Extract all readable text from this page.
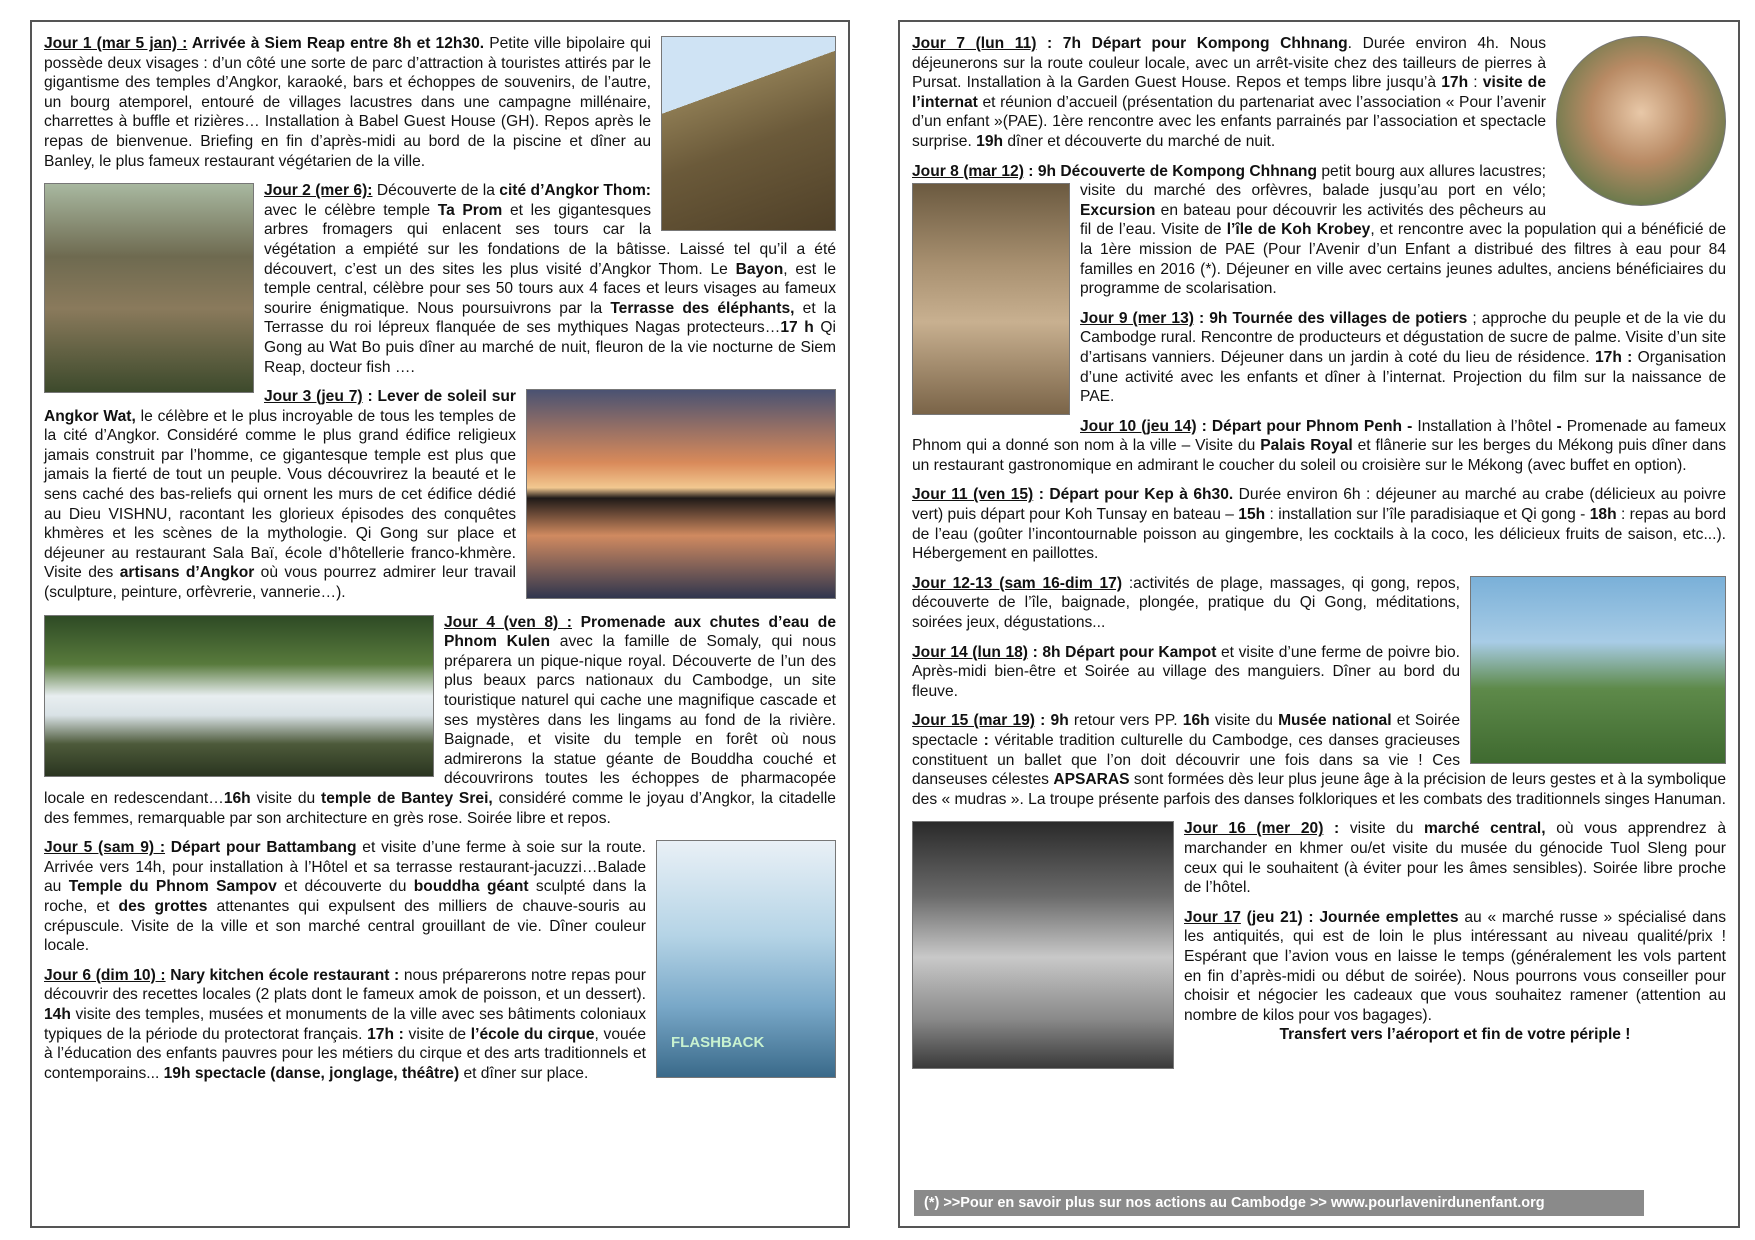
Jour 1 (mar 5 jan) : Arrivée à Siem Reap entre 8h et 12h30. Petite ville bipolaire qui possède deux visages : d’un côté une sorte de parc d’attraction à touristes attirés par le gigantisme des temples d’Angkor, karaoké, bars et échoppes de souvenirs, de l’autre, un bourg atemporel, entouré de villages lacustres dans une campagne millénaire, charrettes à buffle et rizières… Installation à Babel Guest House (GH). Repos après le repas de bienvenue. Briefing en fin d’après-midi au bord de la piscine et dîner au Banley, le plus fameux restaurant végétarien de la ville.
Jour 2 (mer 6): Découverte de la cité d’Angkor Thom: avec le célèbre temple Ta Prom et les gigantesques arbres fromagers qui enlacent ses tours car la végétation a empiété sur les fondations de la bâtisse. Laissé tel qu’il a été découvert, c’est un des sites les plus visité d’Angkor Thom. Le Bayon, est le temple central, célèbre pour ses 50 tours aux 4 faces et leurs visages au fameux sourire énigmatique. Nous poursuivrons par la Terrasse des éléphants, et la Terrasse du roi lépreux flanquée de ses mythiques Nagas protecteurs…17 h Qi Gong au Wat Bo puis dîner au marché de nuit, fleuron de la vie nocturne de Siem Reap, docteur fish ….
Jour 3 (jeu 7) : Lever de soleil sur Angkor Wat, le célèbre et le plus incroyable de tous les temples de la cité d’Angkor. Considéré comme le plus grand édifice religieux jamais construit par l’homme, ce gigantesque temple est plus que jamais la fierté de tout un peuple. Vous découvrirez la beauté et le sens caché des bas-reliefs qui ornent les murs de cet édifice dédié au Dieu VISHNU, racontant les glorieux épisodes des conquêtes khmères et les scènes de la mythologie. Qi Gong sur place et déjeuner au restaurant Sala Baï, école d’hôtellerie franco-khmère. Visite des artisans d’Angkor où vous pourrez admirer leur travail (sculpture, peinture, orfèvrerie, vannerie…).
Jour 4 (ven 8) : Promenade aux chutes d’eau de Phnom Kulen avec la famille de Somaly, qui nous préparera un pique-nique royal. Découverte de l’un des plus beaux parcs nationaux du Cambodge, un site touristique naturel qui cache une magnifique cascade et ses mystères dans les lingams au fond de la rivière. Baignade, et visite du temple en forêt où nous admirerons la statue géante de Bouddha couché et découvrirons toutes les échoppes de pharmacopée locale en redescendant…16h visite du temple de Bantey Srei, considéré comme le joyau d’Angkor, la citadelle des femmes, remarquable par son architecture en grès rose. Soirée libre et repos.
FLASHBACK
Jour 5 (sam 9) : Départ pour Battambang et visite d’une ferme à soie sur la route. Arrivée vers 14h, pour installation à l’Hôtel et sa terrasse restaurant-jacuzzi…Balade au Temple du Phnom Sampov et découverte du bouddha géant sculpté dans la roche, et des grottes attenantes qui expulsent des milliers de chauve-souris au crépuscule. Visite de la ville et son marché central grouillant de vie. Dîner couleur locale.
Jour 6 (dim 10) : Nary kitchen école restaurant : nous préparerons notre repas pour découvrir des recettes locales (2 plats dont le fameux amok de poisson, et un dessert). 14h visite des temples, musées et monuments de la ville avec ses bâtiments coloniaux typiques de la période du protectorat français. 17h : visite de l’école du cirque, vouée à l’éducation des enfants pauvres pour les métiers du cirque et des arts traditionnels et contemporains... 19h spectacle (danse, jonglage, théâtre) et dîner sur place.
Jour 7 (lun 11) : 7h Départ pour Kompong Chhnang. Durée environ 4h. Nous déjeunerons sur la route couleur locale, avec un arrêt-visite chez des tailleurs de pierres à Pursat. Installation à la Garden Guest House. Repos et temps libre jusqu’à 17h : visite de l’internat et réunion d’accueil (présentation du partenariat avec l’association « Pour l’avenir d’un enfant »(PAE). 1ère rencontre avec les enfants parrainés par l’association et spectacle surprise. 19h dîner et découverte du marché de nuit.
Jour 8 (mar 12) : 9h Découverte de Kompong Chhnang petit bourg aux allures lacustres; visite du marché des orfèvres, balade jusqu’au port en vélo;
Excursion en bateau pour découvrir les activités des pêcheurs au fil de l’eau. Visite de l’île de Koh Krobey, et rencontre avec la population qui a bénéficié de la 1ère mission de PAE (Pour l’Avenir d’un Enfant a distribué des filtres à eau pour 84 familles en 2016 (*). Déjeuner en ville avec certains jeunes adultes, anciens bénéficiaires du programme de scolarisation.
Jour 9 (mer 13) : 9h Tournée des villages de potiers ; approche du peuple et de la vie du Cambodge rural. Rencontre de producteurs et dégustation de sucre de palme. Visite d’un site d’artisans vanniers. Déjeuner dans un jardin à coté du lieu de résidence. 17h : Organisation d’une activité avec les enfants et dîner à l’internat. Projection du film sur la naissance de PAE.
Jour 10 (jeu 14) : Départ pour Phnom Penh - Installation à l’hôtel - Promenade au fameux Phnom qui a donné son nom à la ville – Visite du Palais Royal et flânerie sur les berges du Mékong puis dîner dans un restaurant gastronomique en admirant le coucher du soleil ou croisière sur le Mékong (avec buffet en option).
Jour 11 (ven 15) : Départ pour Kep à 6h30. Durée environ 6h : déjeuner au marché au crabe (délicieux au poivre vert) puis départ pour Koh Tunsay en bateau – 15h : installation sur l’île paradisiaque et Qi gong - 18h : repas au bord de l’eau (goûter l’incontournable poisson au gingembre, les cocktails à la coco, les délicieux fruits de saison, etc...). Hébergement en paillottes.
Jour 12-13 (sam 16-dim 17) :activités de plage, massages, qi gong, repos, découverte de l’île, baignade, plongée, pratique du Qi Gong, méditations, soirées jeux, dégustations...
Jour 14 (lun 18) : 8h Départ pour Kampot et visite d’une ferme de poivre bio. Après-midi bien-être et Soirée au village des manguiers. Dîner au bord du fleuve.
Jour 15 (mar 19) : 9h retour vers PP. 16h visite du Musée national et Soirée spectacle : véritable tradition culturelle du Cambodge, ces danses gracieuses constituent un ballet que l’on doit découvrir une fois dans sa vie ! Ces danseuses célestes APSARAS sont formées dès leur plus jeune âge à la précision de leurs gestes et à la symbolique des « mudras ». La troupe présente parfois des danses folkloriques et les combats des traditionnels singes Hanuman.
Jour 16 (mer 20) : visite du marché central, où vous apprendrez à marchander en khmer ou/et visite du musée du génocide Tuol Sleng pour ceux qui le souhaitent (à éviter pour les âmes sensibles). Soirée libre proche de l’hôtel.
Jour 17 (jeu 21) : Journée emplettes au « marché russe » spécialisé dans les antiquités, qui est de loin le plus intéressant au niveau qualité/prix ! Espérant que l’avion vous en laisse le temps (généralement les vols partent en fin d’après-midi ou début de soirée). Nous pourrons vous conseiller pour choisir et négocier les cadeaux que vous souhaitez ramener (attention au nombre de kilos pour vos bagages).
Transfert vers l’aéroport et fin de votre périple !
(*) >>Pour en savoir plus sur nos actions au Cambodge >> www.pourlavenirdunenfant.org
